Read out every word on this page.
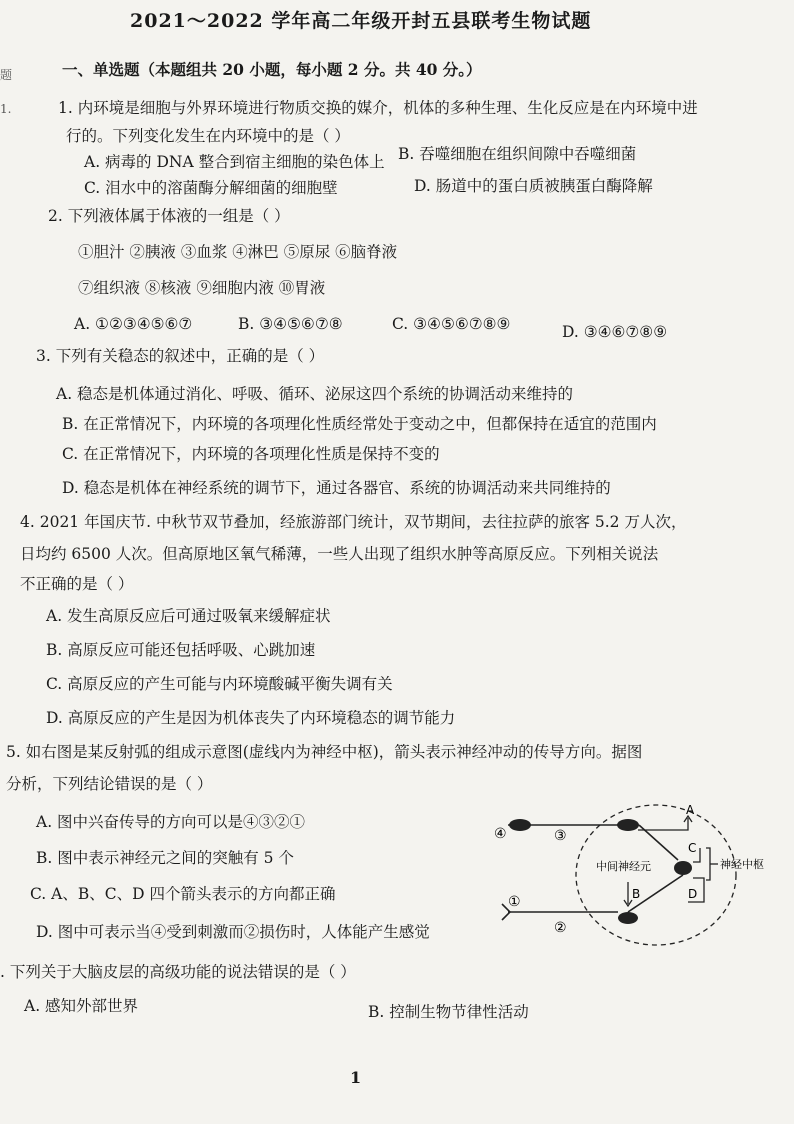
题
1.
2021～2022 学年高二年级开封五县联考生物试题
一、单选题（本题组共 20 小题，每小题 2 分。共 40 分。）
1. 内环境是细胞与外界环境进行物质交换的媒介，机体的多种生理、生化反应是在内环境中进
行的。下列变化发生在内环境中的是（ ）
A. 病毒的 DNA 整合到宿主细胞的染色体上 B. 吞噬细胞在组织间隙中吞噬细菌
C. 泪水中的溶菌酶分解细菌的细胞壁	D. 肠道中的蛋白质被胰蛋白酶降解
2. 下列液体属于体液的一组是（ ）
①胆汁 ②胰液 ③血浆 ④淋巴 ⑤原尿 ⑥脑脊液
⑦组织液 ⑧核液 ⑨细胞内液 ⑩胃液
A. ①②③④⑤⑥⑦	B. ③④⑤⑥⑦⑧	C. ③④⑤⑥⑦⑧⑨	D. ③④⑥⑦⑧⑨
3. 下列有关稳态的叙述中，正确的是（ ）
A. 稳态是机体通过消化、呼吸、循环、泌尿这四个系统的协调活动来维持的
B. 在正常情况下，内环境的各项理化性质经常处于变动之中，但都保持在适宜的范围内
C. 在正常情况下，内环境的各项理化性质是保持不变的
D. 稳态是机体在神经系统的调节下，通过各器官、系统的协调活动来共同维持的
4. 2021 年国庆节. 中秋节双节叠加，经旅游部门统计，双节期间，去往拉萨的旅客 5.2 万人次，
日均约 6500 人次。但高原地区氧气稀薄，一些人出现了组织水肿等高原反应。下列相关说法
不正确的是（ ）
A. 发生高原反应后可通过吸氧来缓解症状
B. 高原反应可能还包括呼吸、心跳加速
C. 高原反应的产生可能与内环境酸碱平衡失调有关
D. 高原反应的产生是因为机体丧失了内环境稳态的调节能力
5. 如右图是某反射弧的组成示意图(虚线内为神经中枢)，箭头表示神经冲动的传导方向。据图
分析，下列结论错误的是（ ）
A. 图中兴奋传导的方向可以是④③②①
B. 图中表示神经元之间的突触有 5 个
C. A、B、C、D 四个箭头表示的方向都正确
D. 图中可表示当④受到刺激而②损伤时，人体能产生感觉
④	③
①
②
A
B
C
D
中间神经元	神经中枢
. 下列关于大脑皮层的高级功能的说法错误的是（ ）
A. 感知外部世界	B. 控制生物节律性活动
1
